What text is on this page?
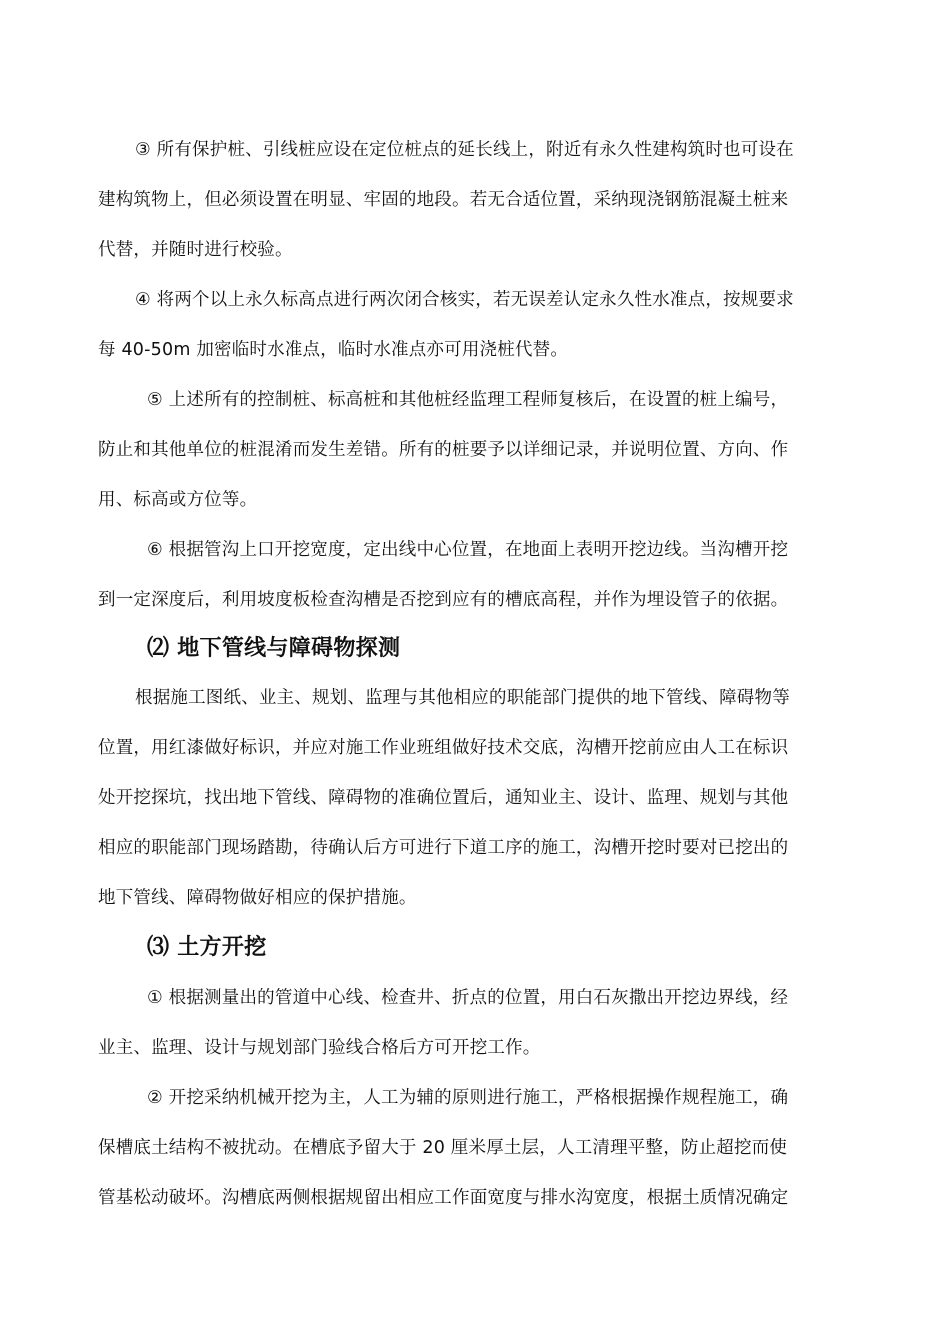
③ 所有保护桩、引线桩应设在定位桩点的延长线上，附近有永久性建构筑时也可设在
建构筑物上，但必须设置在明显、牢固的地段。若无合适位置，采纳现浇钢筋混凝土桩来
代替，并随时进行校验。
④ 将两个以上永久标高点进行两次闭合核实，若无误差认定永久性水准点，按规要求
每 40-50m 加密临时水准点，临时水准点亦可用浇桩代替。
⑤ 上述所有的控制桩、标高桩和其他桩经监理工程师复核后，在设置的桩上编号，
防止和其他单位的桩混淆而发生差错。所有的桩要予以详细记录，并说明位置、方向、作
用、标高或方位等。
⑥ 根据管沟上口开挖宽度，定出线中心位置，在地面上表明开挖边线。当沟槽开挖
到一定深度后，利用坡度板检查沟槽是否挖到应有的槽底高程，并作为埋设管子的依据。
⑵ 地下管线与障碍物探测
根据施工图纸、业主、规划、监理与其他相应的职能部门提供的地下管线、障碍物等
位置，用红漆做好标识，并应对施工作业班组做好技术交底，沟槽开挖前应由人工在标识
处开挖探坑，找出地下管线、障碍物的准确位置后，通知业主、设计、监理、规划与其他
相应的职能部门现场踏勘，待确认后方可进行下道工序的施工，沟槽开挖时要对已挖出的
地下管线、障碍物做好相应的保护措施。
⑶ 土方开挖
① 根据测量出的管道中心线、检查井、折点的位置，用白石灰撒出开挖边界线，经
业主、监理、设计与规划部门验线合格后方可开挖工作。
② 开挖采纳机械开挖为主，人工为辅的原则进行施工，严格根据操作规程施工，确
保槽底土结构不被扰动。在槽底予留大于 20 厘米厚土层，人工清理平整，防止超挖而使
管基松动破坏。沟槽底两侧根据规留出相应工作面宽度与排水沟宽度，根据土质情况确定
